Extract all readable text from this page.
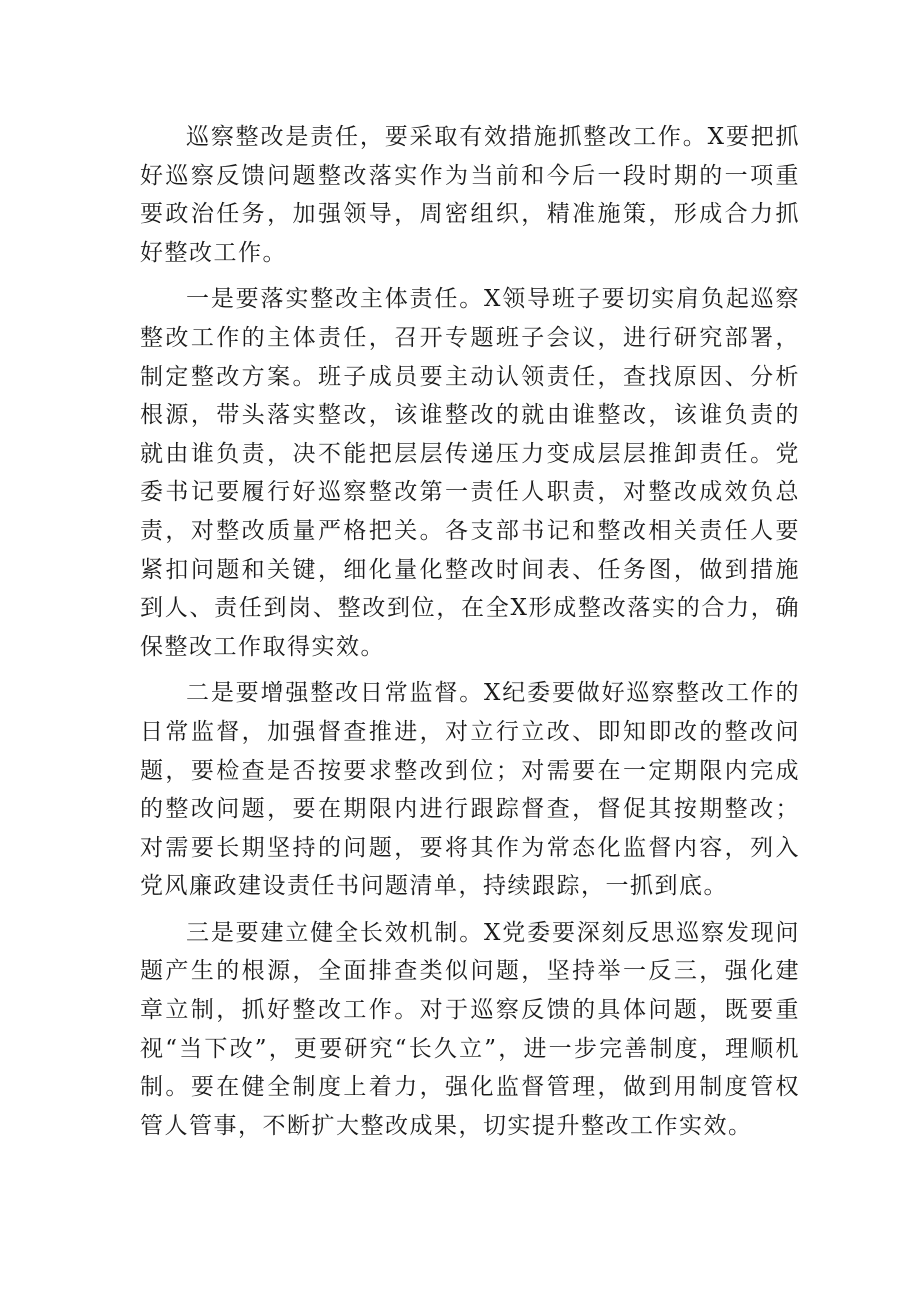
巡察整改是责任，要采取有效措施抓整改工作。X要把抓好巡察反馈问题整改落实作为当前和今后一段时期的一项重要政治任务，加强领导，周密组织，精准施策，形成合力抓好整改工作。

一是要落实整改主体责任。X领导班子要切实肩负起巡察整改工作的主体责任，召开专题班子会议，进行研究部署，制定整改方案。班子成员要主动认领责任，查找原因、分析根源，带头落实整改，该谁整改的就由谁整改，该谁负责的就由谁负责，决不能把层层传递压力变成层层推卸责任。党委书记要履行好巡察整改第一责任人职责，对整改成效负总责，对整改质量严格把关。各支部书记和整改相关责任人要紧扣问题和关键，细化量化整改时间表、任务图，做到措施到人、责任到岗、整改到位，在全X形成整改落实的合力，确保整改工作取得实效。

二是要增强整改日常监督。X纪委要做好巡察整改工作的日常监督，加强督查推进，对立行立改、即知即改的整改问题，要检查是否按要求整改到位；对需要在一定期限内完成的整改问题，要在期限内进行跟踪督查，督促其按期整改；对需要长期坚持的问题，要将其作为常态化监督内容，列入党风廉政建设责任书问题清单，持续跟踪，一抓到底。

三是要建立健全长效机制。X党委要深刻反思巡察发现问题产生的根源，全面排查类似问题，坚持举一反三，强化建章立制，抓好整改工作。对于巡察反馈的具体问题，既要重视“当下改”，更要研究“长久立”，进一步完善制度，理顺机制。要在健全制度上着力，强化监督管理，做到用制度管权管人管事，不断扩大整改成果，切实提升整改工作实效。
